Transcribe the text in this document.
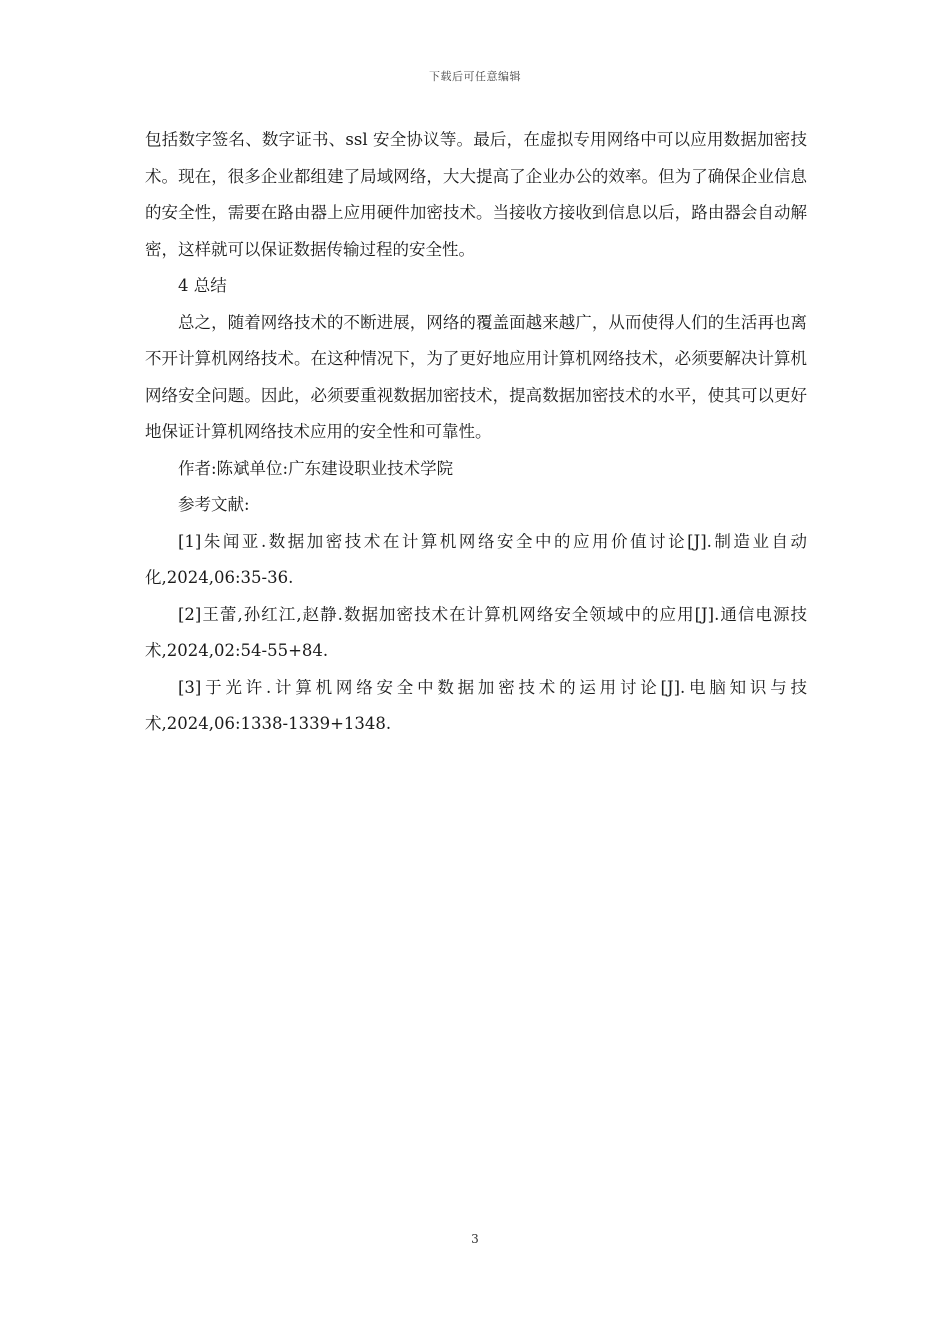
下载后可任意编辑

包括数字签名、数字证书、ssl 安全协议等。最后，在虚拟专用网络中可以应用数据加密技术。现在，很多企业都组建了局域网络，大大提高了企业办公的效率。但为了确保企业信息的安全性，需要在路由器上应用硬件加密技术。当接收方接收到信息以后，路由器会自动解密，这样就可以保证数据传输过程的安全性。

4 总结

总之，随着网络技术的不断进展，网络的覆盖面越来越广，从而使得人们的生活再也离不开计算机网络技术。在这种情况下，为了更好地应用计算机网络技术，必须要解决计算机网络安全问题。因此，必须要重视数据加密技术，提高数据加密技术的水平，使其可以更好地保证计算机网络技术应用的安全性和可靠性。

作者:陈斌单位:广东建设职业技术学院

参考文献:

[1]朱闻亚.数据加密技术在计算机网络安全中的应用价值讨论[J].制造业自动化,2024,06:35-36.

[2]王蕾,孙红江,赵静.数据加密技术在计算机网络安全领域中的应用[J].通信电源技术,2024,02:54-55+84.

[3]于光许.计算机网络安全中数据加密技术的运用讨论[J].电脑知识与技术,2024,06:1338-1339+1348.

3
